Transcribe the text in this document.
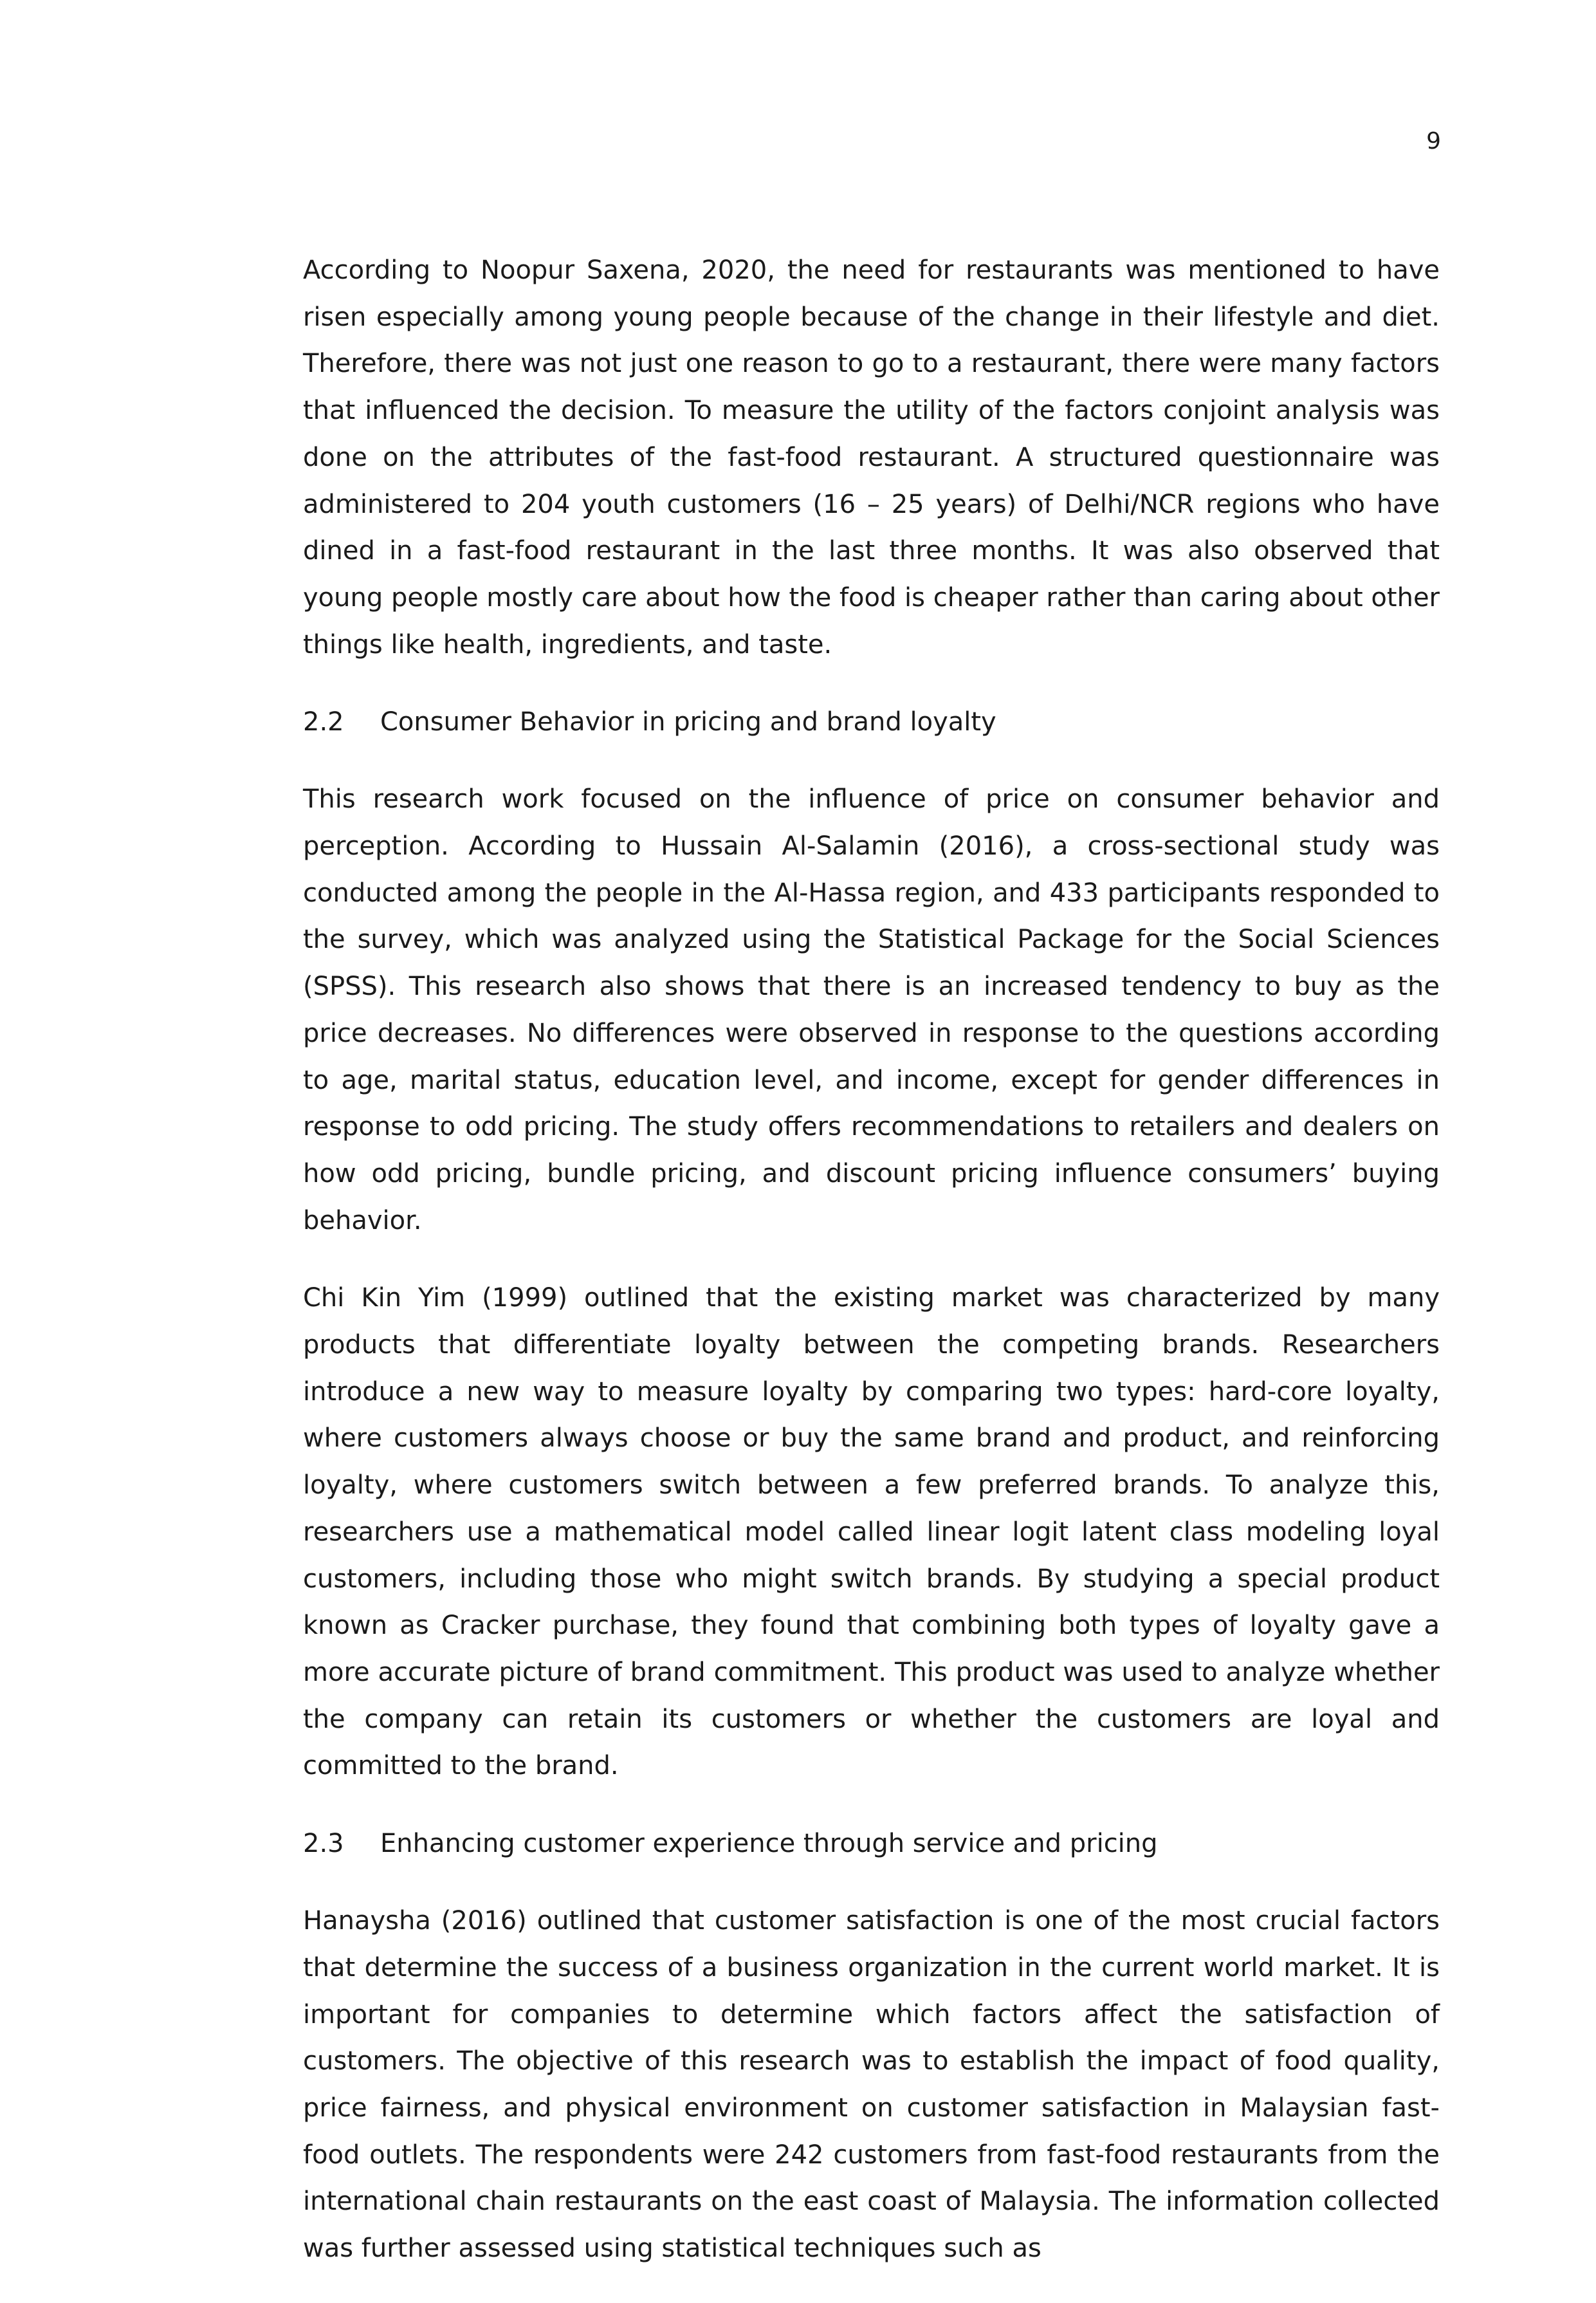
9

According to Noopur Saxena, 2020, the need for restaurants was mentioned to have risen especially among young people because of the change in their lifestyle and diet. Therefore, there was not just one reason to go to a restaurant, there were many factors that influenced the decision. To measure the utility of the factors conjoint analysis was done on the attributes of the fast-food restaurant. A structured questionnaire was administered to 204 youth customers (16 – 25 years) of Delhi/NCR regions who have dined in a fast-food restaurant in the last three months. It was also observed that young people mostly care about how the food is cheaper rather than caring about other things like health, ingredients, and taste.

2.2	Consumer Behavior in pricing and brand loyalty

This research work focused on the influence of price on consumer behavior and perception. According to Hussain Al-Salamin (2016), a cross-sectional study was conducted among the people in the Al-Hassa region, and 433 participants responded to the survey, which was analyzed using the Statistical Package for the Social Sciences (SPSS). This research also shows that there is an increased tendency to buy as the price decreases. No differences were observed in response to the questions according to age, marital status, education level, and income, except for gender differences in response to odd pricing. The study offers recommendations to retailers and dealers on how odd pricing, bundle pricing, and discount pricing influence consumers’ buying behavior.

Chi Kin Yim (1999) outlined that the existing market was characterized by many products that differentiate loyalty between the competing brands. Researchers introduce a new way to measure loyalty by comparing two types: hard-core loyalty, where customers always choose or buy the same brand and product, and reinforcing loyalty, where customers switch between a few preferred brands. To analyze this, researchers use a mathematical model called linear logit latent class modeling loyal customers, including those who might switch brands. By studying a special product known as Cracker purchase, they found that combining both types of loyalty gave a more accurate picture of brand commitment. This product was used to analyze whether the company can retain its customers or whether the customers are loyal and committed to the brand.

2.3	Enhancing customer experience through service and pricing

Hanaysha (2016) outlined that customer satisfaction is one of the most crucial factors that determine the success of a business organization in the current world market. It is important for companies to determine which factors affect the satisfaction of customers. The objective of this research was to establish the impact of food quality, price fairness, and physical environment on customer satisfaction in Malaysian fast-food outlets. The respondents were 242 customers from fast-food restaurants from the international chain restaurants on the east coast of Malaysia. The information collected was further assessed using statistical techniques such as
